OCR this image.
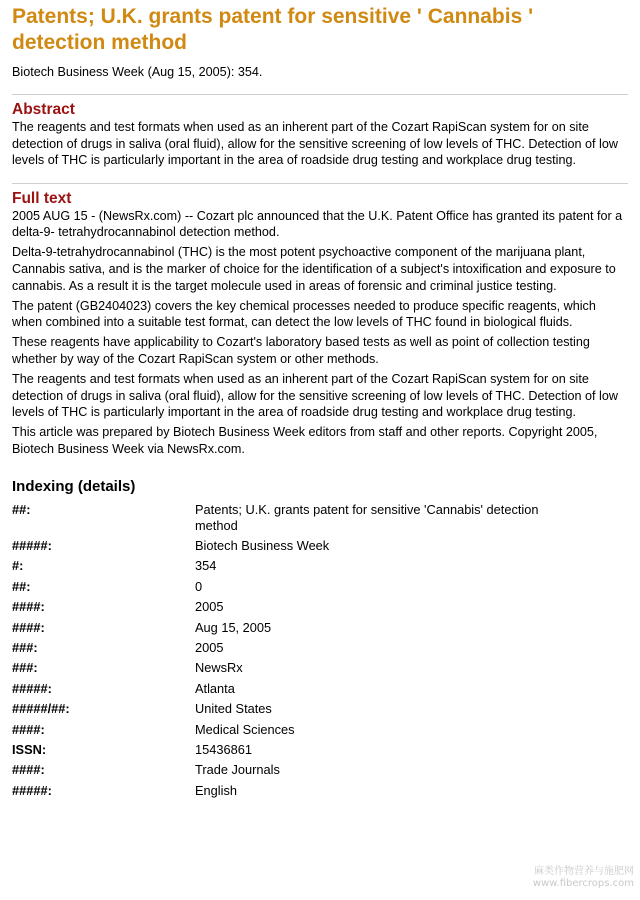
Patents; U.K. grants patent for sensitive ' Cannabis ' detection method

Biotech Business Week (Aug 15, 2005): 354.

Abstract

The reagents and test formats when used as an inherent part of the Cozart RapiScan system for on site detection of drugs in saliva (oral fluid), allow for the sensitive screening of low levels of THC. Detection of low levels of THC is particularly important in the area of roadside drug testing and workplace drug testing.

Full text

2005 AUG 15 - (NewsRx.com) -- Cozart plc announced that the U.K. Patent Office has granted its patent for a delta-9- tetrahydrocannabinol detection method.

Delta-9-tetrahydrocannabinol (THC) is the most potent psychoactive component of the marijuana plant, Cannabis sativa, and is the marker of choice for the identification of a subject's intoxification and exposure to cannabis. As a result it is the target molecule used in areas of forensic and criminal justice testing.

The patent (GB2404023) covers the key chemical processes needed to produce specific reagents, which when combined into a suitable test format, can detect the low levels of THC found in biological fluids.

These reagents have applicability to Cozart's laboratory based tests as well as point of collection testing whether by way of the Cozart RapiScan system or other methods.

The reagents and test formats when used as an inherent part of the Cozart RapiScan system for on site detection of drugs in saliva (oral fluid), allow for the sensitive screening of low levels of THC. Detection of low levels of THC is particularly important in the area of roadside drug testing and workplace drug testing.

This article was prepared by Biotech Business Week editors from staff and other reports. Copyright 2005, Biotech Business Week via NewsRx.com.

Indexing (details)
##:	Patents; U.K. grants patent for sensitive 'Cannabis' detection method
#####:	Biotech Business Week
#:	354
##:	0
####:	2005
####:	Aug 15, 2005
###:	2005
###:	NewsRx
#####:	Atlanta
#####/##:	United States
####:	Medical Sciences
ISSN:	15436861
####:	Trade Journals
#####:	English
麻类作物营养与施肥网
www.fibercrops.com
